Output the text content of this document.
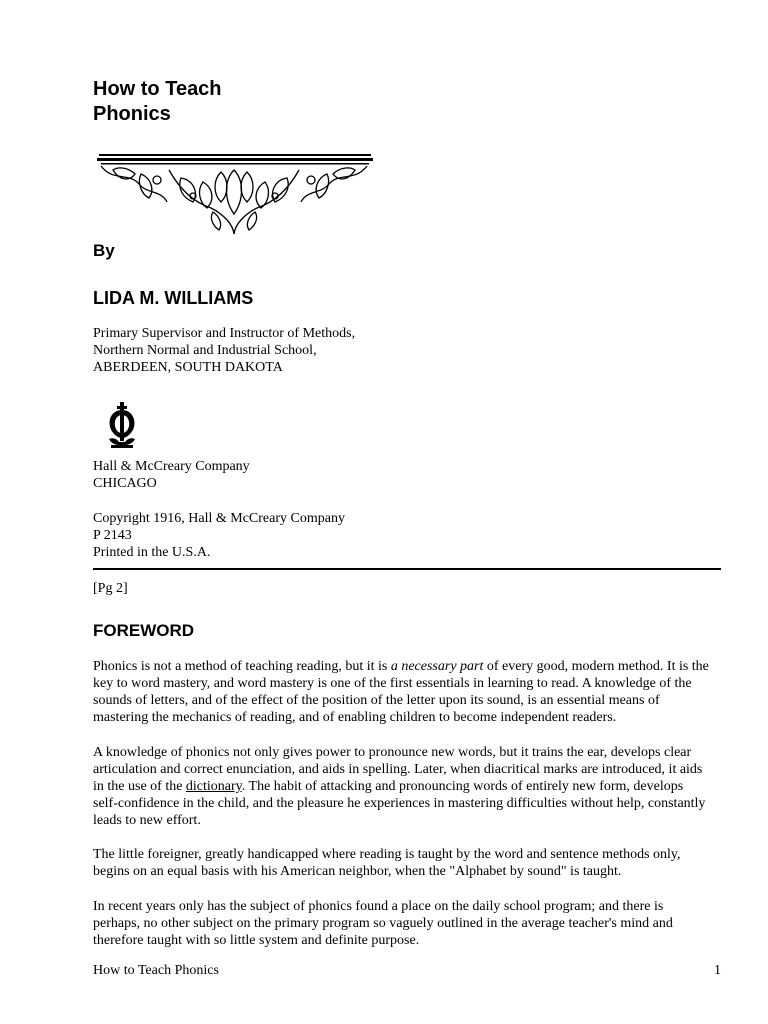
How to Teach
Phonics
By
LIDA M. WILLIAMS
Primary Supervisor and Instructor of Methods,
Northern Normal and Industrial School,
ABERDEEN, SOUTH DAKOTA
Hall & McCreary Company
CHICAGO
Copyright 1916, Hall & McCreary Company
P 2143
Printed in the U.S.A.
[Pg 2]
FOREWORD

Phonics is not a method of teaching reading, but it is a necessary part of every good, modern method. It is the
key to word mastery, and word mastery is one of the first essentials in learning to read. A knowledge of the
sounds of letters, and of the effect of the position of the letter upon its sound, is an essential means of
mastering the mechanics of reading, and of enabling children to become independent readers.

A knowledge of phonics not only gives power to pronounce new words, but it trains the ear, develops clear
articulation and correct enunciation, and aids in spelling. Later, when diacritical marks are introduced, it aids
in the use of the dictionary. The habit of attacking and pronouncing words of entirely new form, develops
self-confidence in the child, and the pleasure he experiences in mastering difficulties without help, constantly
leads to new effort.

The little foreigner, greatly handicapped where reading is taught by the word and sentence methods only,
begins on an equal basis with his American neighbor, when the "Alphabet by sound" is taught.

In recent years only has the subject of phonics found a place on the daily school program; and there is
perhaps, no other subject on the primary program so vaguely outlined in the average teacher's mind and
therefore taught with so little system and definite purpose.

How to Teach Phonics	1
